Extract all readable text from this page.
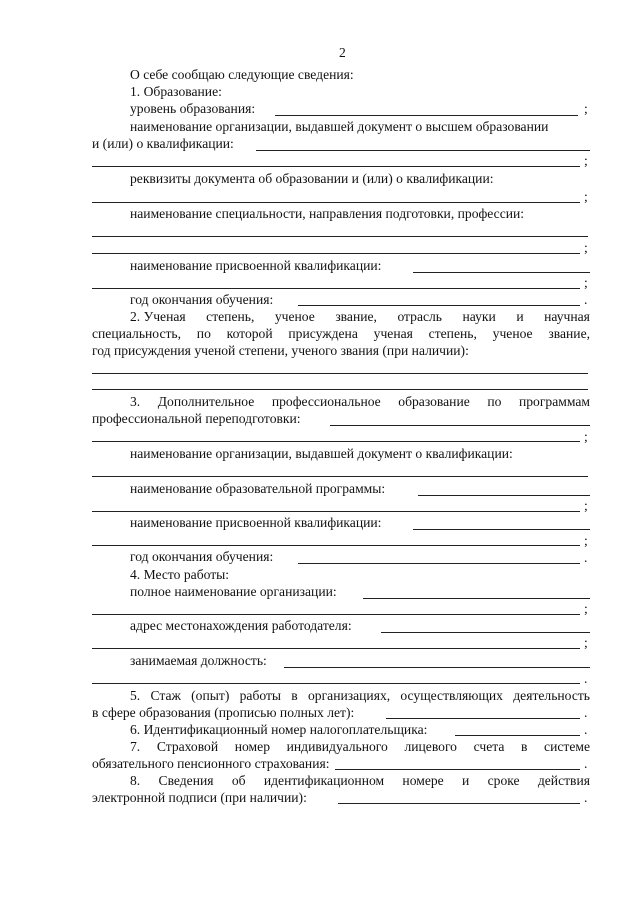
2
О себе сообщаю следующие сведения:
1. Образование:
уровень образования:	;
наименование организации, выдавшей документ о высшем образовании
и (или) о квалификации:
;
реквизиты документа об образовании и (или) о квалификации:
;
наименование специальности, направления подготовки, профессии:
;
наименование присвоенной квалификации:
;
год окончания обучения:	.
2. Ученая степень, ученое звание, отрасль науки и научная
специальность, по которой присуждена ученая степень, ученое звание,
год присуждения ученой степени, ученого звания (при наличии):
3. Дополнительное профессиональное образование по программам
профессиональной переподготовки:
;
наименование организации, выдавшей документ о квалификации:
наименование образовательной программы:
;
наименование присвоенной квалификации:
;
год окончания обучения:	.
4. Место работы:
полное наименование организации:
;
адрес местонахождения работодателя:
;
занимаемая должность:
.
5. Стаж (опыт) работы в организациях, осуществляющих деятельность
в сфере образования (прописью полных лет):	.
6. Идентификационный номер налогоплательщика:	.
7. Страховой номер индивидуального лицевого счета в системе
обязательного пенсионного страхования:	.
8. Сведения об идентификационном номере и сроке действия
электронной подписи (при наличии):	.
